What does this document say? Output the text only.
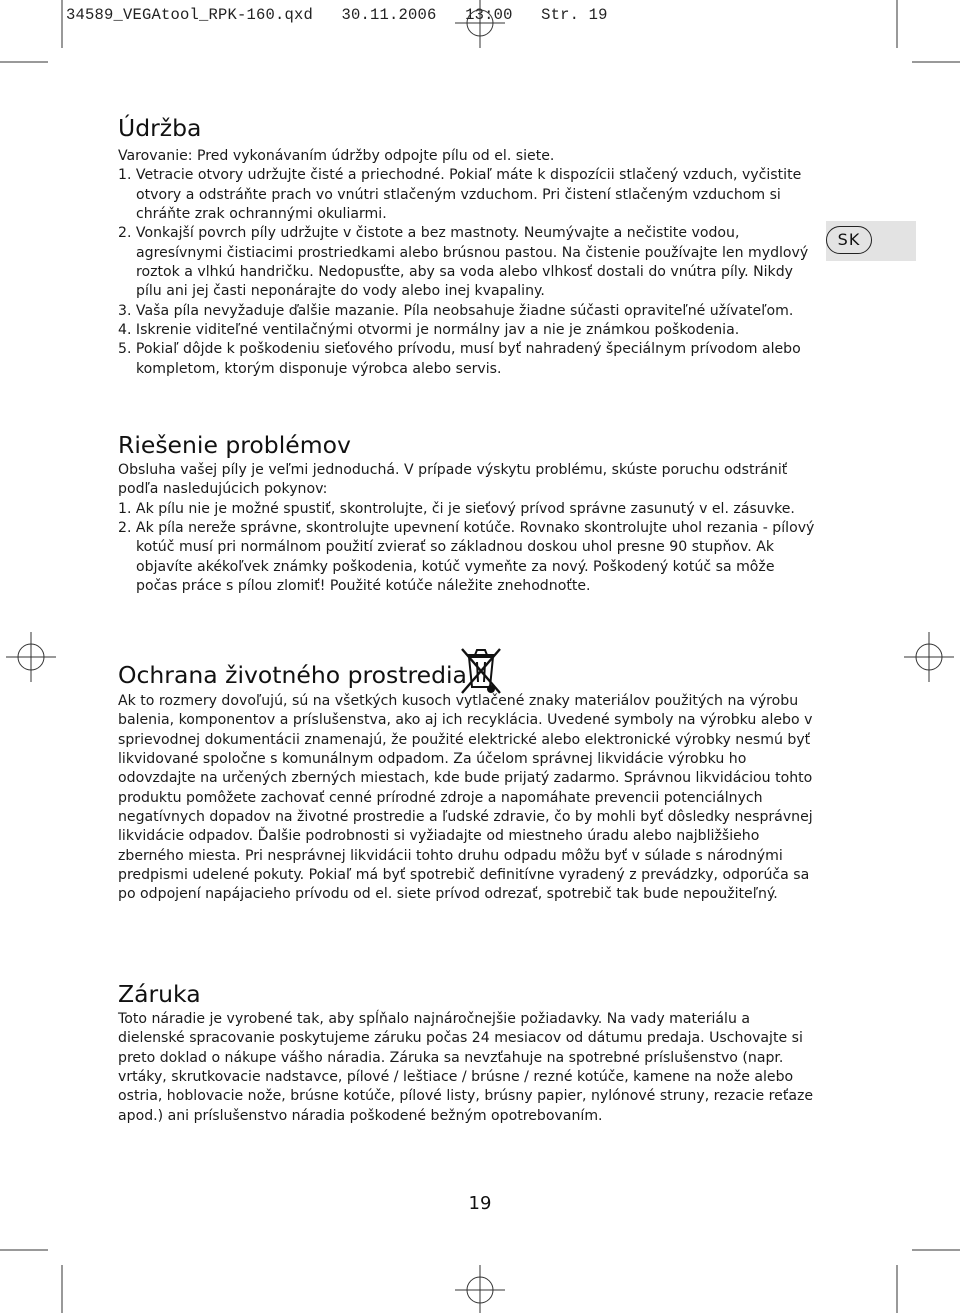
34589_VEGAtool_RPK-160.qxd   30.11.2006   13:00   Str. 19
Údržba

Varovanie: Pred vykonávaním údržby odpojte pílu od el. siete.

1. Vetracie otvory udržujte čisté a priechodné. Pokiaľ máte k dispozícii stlačený vzduch, vyčistite otvory a odstráňte prach vo vnútri stlačeným vzduchom. Pri čistení stlačeným vzduchom si chráňte zrak ochrannými okuliarmi.

2. Vonkajší povrch píly udržujte v čistote a bez mastnoty. Neumývajte a nečistite vodou, agresívnymi čistiacimi prostriedkami alebo brúsnou pastou. Na čistenie používajte len mydlový roztok a vlhkú handričku. Nedopusťte, aby sa voda alebo vlhkosť dostali do vnútra píly. Nikdy pílu ani jej časti neponárajte do vody alebo inej kvapaliny.

3. Vaša píla nevyžaduje ďalšie mazanie. Píla neobsahuje žiadne súčasti opraviteľné užívateľom.

4. Iskrenie viditeľné ventilačnými otvormi je normálny jav a nie je známkou poškodenia.

5. Pokiaľ dôjde k poškodeniu sieťového prívodu, musí byť nahradený špeciálnym prívodom alebo kompletom, ktorým disponuje výrobca alebo servis.

Riešenie problémov

Obsluha vašej píly je veľmi jednoduchá. V prípade výskytu problému, skúste poruchu odstrániť podľa nasledujúcich pokynov:

1. Ak pílu nie je možné spustiť, skontrolujte, či je sieťový prívod správne zasunutý v el. zásuvke.

2. Ak píla nereže správne, skontrolujte upevnení kotúče. Rovnako skontrolujte uhol rezania - pílový kotúč musí pri normálnom použití zvierať so základnou doskou uhol presne 90 stupňov. Ak objavíte akékoľvek známky poškodenia, kotúč vymeňte za nový. Poškodený kotúč sa môže počas práce s pílou zlomiť! Použité kotúče náležite znehodnoťte.

Ochrana životného prostredia

Ak to rozmery dovoľujú, sú na všetkých kusoch vytlačené znaky materiálov použitých na výrobu balenia, komponentov a príslušenstva, ako aj ich recyklácia. Uvedené symboly na výrobku alebo v sprievodnej dokumentácii znamenajú, že použité elektrické alebo elektronické výrobky nesmú byť likvidované spoločne s komunálnym odpadom. Za účelom správnej likvidácie výrobku ho odovzdajte na určených zberných miestach, kde bude prijatý zadarmo. Správnou likvidáciou tohto produktu pomôžete zachovať cenné prírodné zdroje a napomáhate prevencii potenciálnych negatívnych dopadov na životné prostredie a ľudské zdravie, čo by mohli byť dôsledky nesprávnej likvidácie odpadov. Ďalšie podrobnosti si vyžiadajte od miestneho úradu alebo najbližšieho zberného miesta. Pri nesprávnej likvidácii tohto druhu odpadu môžu byť v súlade s národnými predpismi udelené pokuty. Pokiaľ má byť spotrebič definitívne vyradený z prevádzky, odporúča sa po odpojení napájacieho prívodu od el. siete prívod odrezať, spotrebič tak bude nepoužiteľný.

Záruka

Toto náradie je vyrobené tak, aby spĺňalo najnáročnejšie požiadavky. Na vady materiálu a dielenské spracovanie poskytujeme záruku počas 24 mesiacov od dátumu predaja. Uschovajte si preto doklad o nákupe vášho náradia. Záruka sa nevzťahuje na spotrebné príslušenstvo (napr. vrtáky, skrutkovacie nadstavce, pílové / leštiace / brúsne / rezné kotúče, kamene na nože alebo ostria, hoblovacie nože, brúsne kotúče, pílové listy, brúsny papier, nylónové struny, rezacie reťaze apod.) ani príslušenstvo náradia poškodené bežným opotrebovaním.

SK
19
